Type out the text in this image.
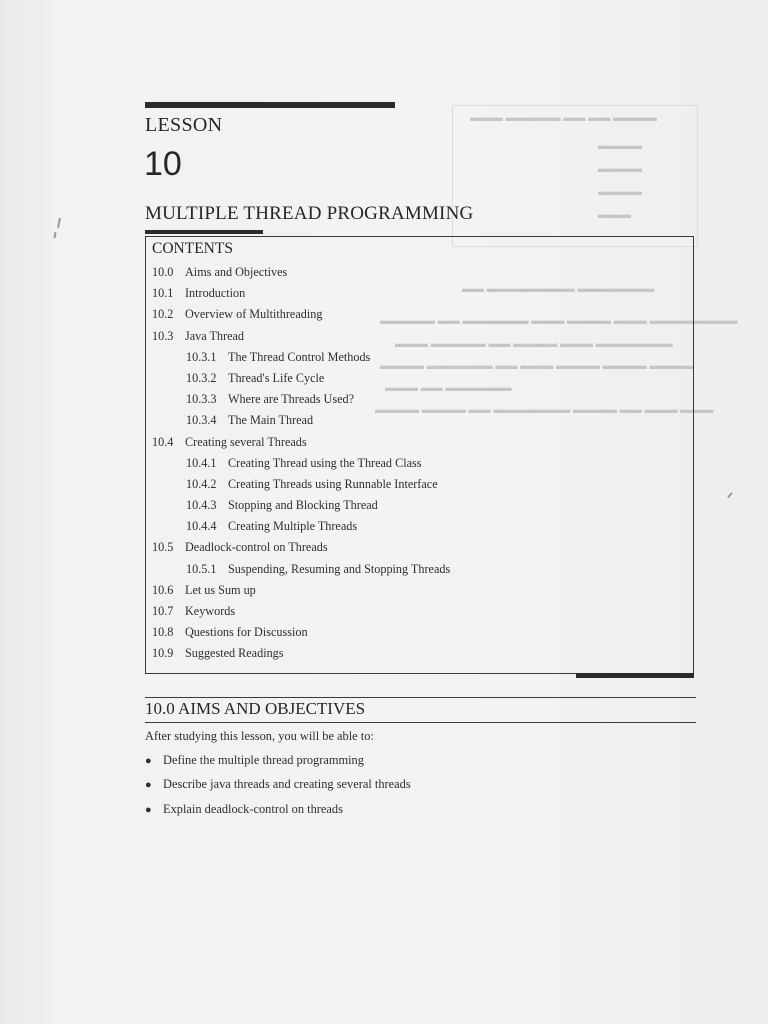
▬▬▬ ▬▬▬▬▬ ▬▬ ▬▬ ▬▬▬▬
▬▬▬▬
▬▬▬▬
▬▬▬▬
▬▬▬
▬▬ ▬▬▬▬▬▬▬▬ ▬▬▬▬▬▬▬
▬▬▬▬▬ ▬▬ ▬▬▬▬▬▬ ▬▬▬ ▬▬▬▬ ▬▬▬ ▬▬▬▬▬▬▬▬
▬▬▬ ▬▬▬▬▬ ▬▬ ▬▬▬▬ ▬▬▬ ▬▬▬▬▬▬▬
▬▬▬▬ ▬▬▬▬▬▬ ▬▬ ▬▬▬ ▬▬▬▬ ▬▬▬▬ ▬▬▬▬
▬▬▬ ▬▬ ▬▬▬▬▬▬
▬▬▬▬ ▬▬▬▬ ▬▬ ▬▬▬▬▬▬▬ ▬▬▬▬ ▬▬ ▬▬▬ ▬▬▬
LESSON
10
MULTIPLE THREAD PROGRAMMING
CONTENTS
10.0 Aims and Objectives
10.1 Introduction
10.2 Overview of Multithreading
10.3 Java Thread
10.3.1 The Thread Control Methods
10.3.2 Thread's Life Cycle
10.3.3 Where are Threads Used?
10.3.4 The Main Thread
10.4 Creating several Threads
10.4.1 Creating Thread using the Thread Class
10.4.2 Creating Threads using Runnable Interface
10.4.3 Stopping and Blocking Thread
10.4.4 Creating Multiple Threads
10.5 Deadlock-control on Threads
10.5.1 Suspending, Resuming and Stopping Threads
10.6 Let us Sum up
10.7 Keywords
10.8 Questions for Discussion
10.9 Suggested Readings
10.0 AIMS AND OBJECTIVES
After studying this lesson, you will be able to:
● Define the multiple thread programming
● Describe java threads and creating several threads
● Explain deadlock-control on threads
